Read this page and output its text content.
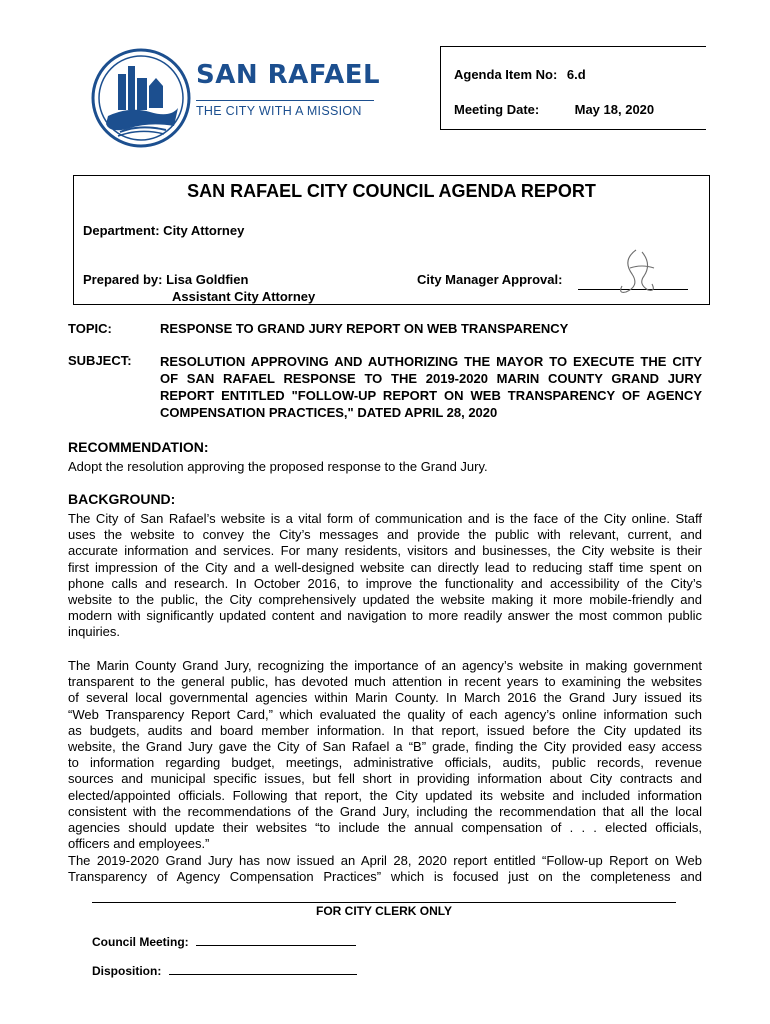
SAN RAFAEL
THE CITY WITH A MISSION
Agenda Item No: 6.d
Meeting Date:	May 18, 2020
SAN RAFAEL CITY COUNCIL AGENDA REPORT
Department: City Attorney
Prepared by: Lisa Goldfien
Assistant City Attorney
City Manager Approval:
TOPIC:	RESPONSE TO GRAND JURY REPORT ON WEB TRANSPARENCY
SUBJECT: RESOLUTION APPROVING AND AUTHORIZING THE MAYOR TO EXECUTE THE CITY OF SAN RAFAEL RESPONSE TO THE 2019-2020 MARIN COUNTY GRAND JURY REPORT ENTITLED "FOLLOW-UP REPORT ON WEB TRANSPARENCY OF AGENCY COMPENSATION PRACTICES," DATED APRIL 28, 2020
RECOMMENDATION:
Adopt the resolution approving the proposed response to the Grand Jury.
BACKGROUND:
The City of San Rafael’s website is a vital form of communication and is the face of the City online. Staff
uses the website to convey the City’s messages and provide the public with relevant, current, and
accurate information and services. For many residents, visitors and businesses, the City website is their
first impression of the City and a well-designed website can directly lead to reducing staff time spent on
phone calls and research. In October 2016, to improve the functionality and accessibility of the City’s
website to the public, the City comprehensively updated the website making it more mobile-friendly and
modern with significantly updated content and navigation to more readily answer the most common public
inquiries.
The Marin County Grand Jury, recognizing the importance of an agency’s website in making government
transparent to the general public, has devoted much attention in recent years to examining the websites
of several local governmental agencies within Marin County. In March 2016 the Grand Jury issued its
“Web Transparency Report Card,” which evaluated the quality of each agency’s online information such
as budgets, audits and board member information. In that report, issued before the City updated its
website, the Grand Jury gave the City of San Rafael a “B” grade, finding the City provided easy access
to information regarding budget, meetings, administrative officials, audits, public records, revenue
sources and municipal specific issues, but fell short in providing information about City contracts and
elected/appointed officials. Following that report, the City updated its website and included information
consistent with the recommendations of the Grand Jury, including the recommendation that all the local
agencies should update their websites “to include the annual compensation of . . . elected officials,
officers and employees.”
The 2019-2020 Grand Jury has now issued an April 28, 2020 report entitled “Follow-up Report on Web
Transparency of Agency Compensation Practices” which is focused just on the completeness and
FOR CITY CLERK ONLY
Council Meeting:
Disposition:
